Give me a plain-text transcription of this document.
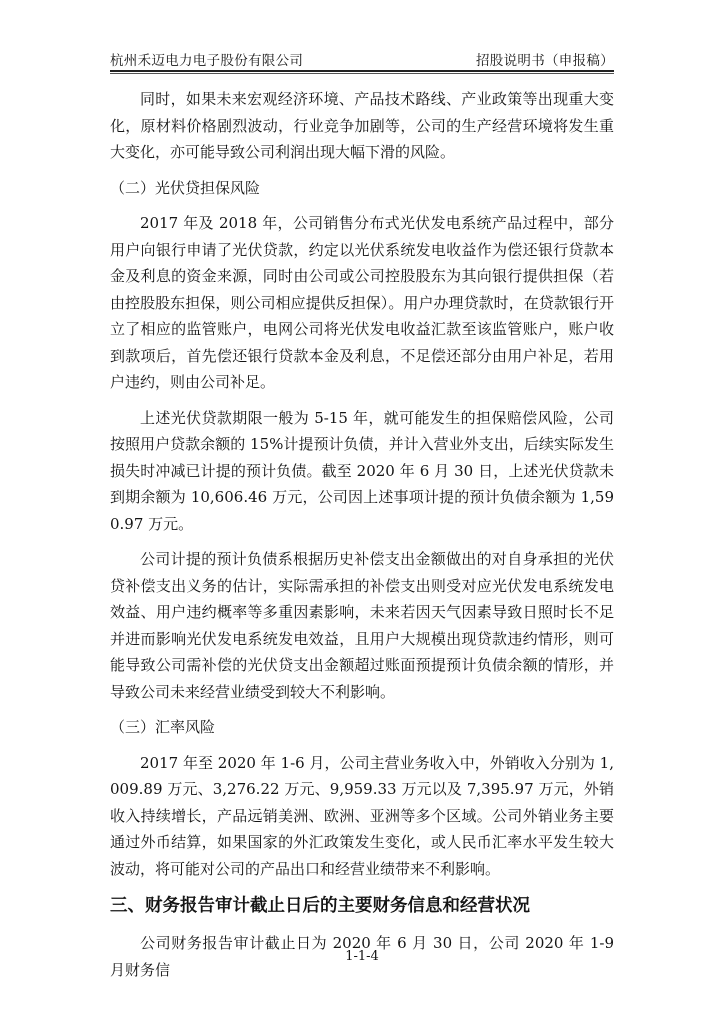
杭州禾迈电力电子股份有限公司	招股说明书（申报稿）

同时，如果未来宏观经济环境、产品技术路线、产业政策等出现重大变化，原材料价格剧烈波动，行业竞争加剧等，公司的生产经营环境将发生重大变化，亦可能导致公司利润出现大幅下滑的风险。

（二）光伏贷担保风险

2017 年及 2018 年，公司销售分布式光伏发电系统产品过程中，部分用户向银行申请了光伏贷款，约定以光伏系统发电收益作为偿还银行贷款本金及利息的资金来源，同时由公司或公司控股股东为其向银行提供担保（若由控股股东担保，则公司相应提供反担保）。用户办理贷款时，在贷款银行开立了相应的监管账户，电网公司将光伏发电收益汇款至该监管账户，账户收到款项后，首先偿还银行贷款本金及利息，不足偿还部分由用户补足，若用户违约，则由公司补足。

上述光伏贷款期限一般为 5-15 年，就可能发生的担保赔偿风险，公司按照用户贷款余额的 15%计提预计负债，并计入营业外支出，后续实际发生损失时冲减已计提的预计负债。截至 2020 年 6 月 30 日，上述光伏贷款未到期余额为 10,606.46 万元，公司因上述事项计提的预计负债余额为 1,590.97 万元。

公司计提的预计负债系根据历史补偿支出金额做出的对自身承担的光伏贷补偿支出义务的估计，实际需承担的补偿支出则受对应光伏发电系统发电效益、用户违约概率等多重因素影响，未来若因天气因素导致日照时长不足并进而影响光伏发电系统发电效益，且用户大规模出现贷款违约情形，则可能导致公司需补偿的光伏贷支出金额超过账面预提预计负债余额的情形，并导致公司未来经营业绩受到较大不利影响。

（三）汇率风险

2017 年至 2020 年 1-6 月，公司主营业务收入中，外销收入分别为 1,009.89 万元、3,276.22 万元、9,959.33 万元以及 7,395.97 万元，外销收入持续增长，产品远销美洲、欧洲、亚洲等多个区域。公司外销业务主要通过外币结算，如果国家的外汇政策发生变化，或人民币汇率水平发生较大波动，将可能对公司的产品出口和经营业绩带来不利影响。

三、财务报告审计截止日后的主要财务信息和经营状况

公司财务报告审计截止日为 2020 年 6 月 30 日，公司 2020 年 1-9 月财务信

1-1-4
